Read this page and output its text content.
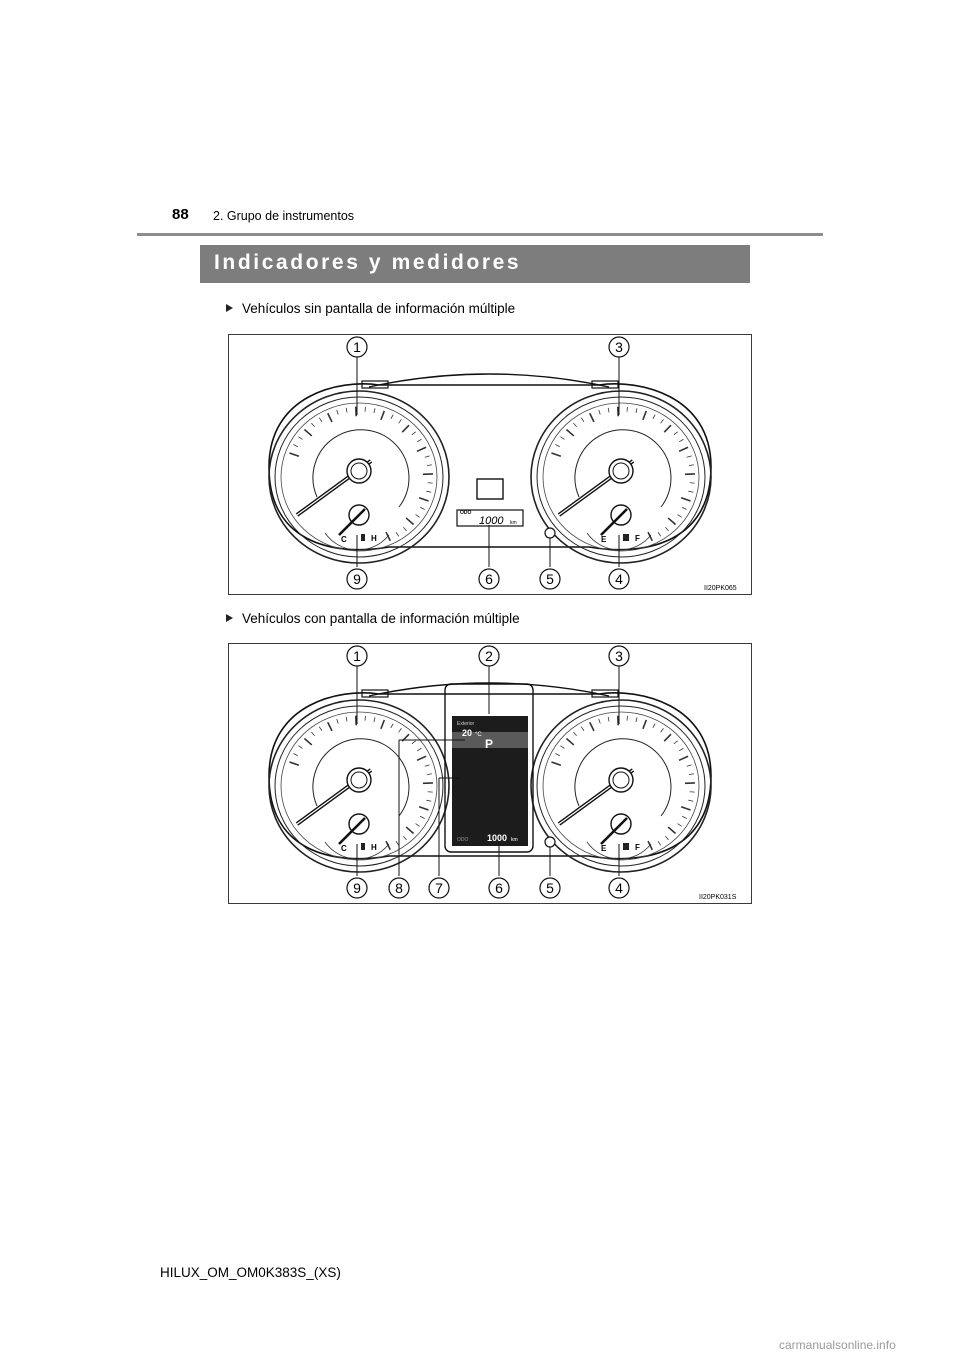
88 2. Grupo de instrumentos
Indicadores y medidores
Vehículos sin pantalla de información múltiple
C	H	E	F
ODO
1000 km
1	3
9	6	5	4
II20PK065
Vehículos con pantalla de información múltiple
C	H	E	F
Exterior
20 °C
P
ODO 1000 km
1	2	3
9 8 7	6	5	4
II20PK031S
HILUX_OM_OM0K383S_(XS)
carmanualsonline.info
